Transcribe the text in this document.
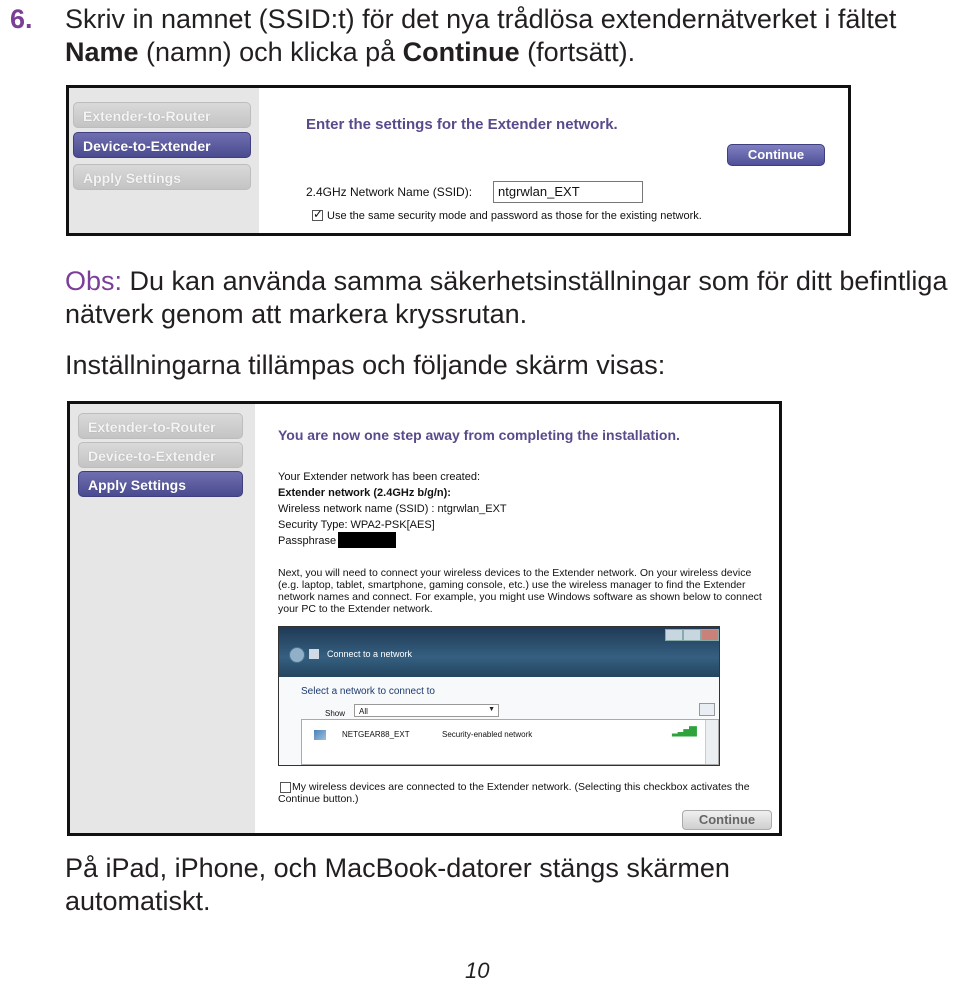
6. Skriv in namnet (SSID:t) för det nya trådlösa extendernätverket i fältet Name (namn) och klicka på Continue (fortsätt).
Extender-to-Router
Device-to-Extender
Apply Settings
Enter the settings for the Extender network.
Continue
2.4GHz Network Name (SSID):	ntgrwlan_EXT
✓ Use the same security mode and password as those for the existing network.
Obs: Du kan använda samma säkerhetsinställningar som för ditt befintliga nätverk genom att markera kryssrutan.
Inställningarna tillämpas och följande skärm visas:
Extender-to-Router
Device-to-Extender
Apply Settings
You are now one step away from completing the installation.
Your Extender network has been created:
Extender network (2.4GHz b/g/n):
Wireless network name (SSID) : ntgrwlan_EXT
Security Type: WPA2-PSK[AES]
Passphrase
Next, you will need to connect your wireless devices to the Extender network. On your wireless device (e.g. laptop, tablet, smartphone, gaming console, etc.) use the wireless manager to find the Extender network names and connect. For example, you might use Windows software as shown below to connect your PC to the Extender network.
Connect to a network
Select a network to connect to
Show All	▼
NETGEAR88_EXT	Security-enabled network	▂▃▅▇
My wireless devices are connected to the Extender network. (Selecting this checkbox activates the Continue button.)
Continue
På iPad, iPhone, och MacBook-datorer stängs skärmen automatiskt.
10
